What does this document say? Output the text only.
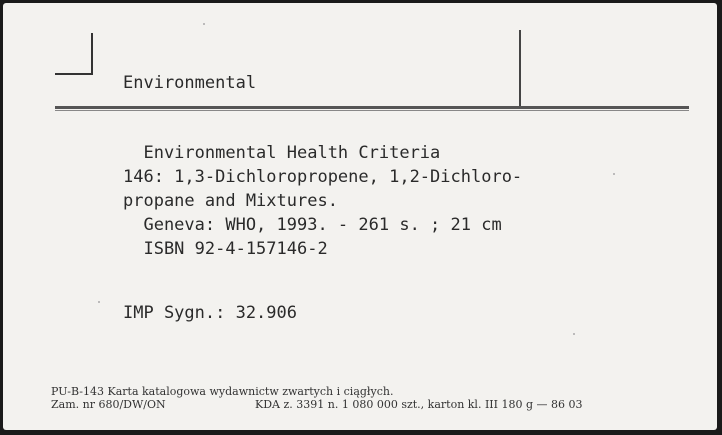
Environmental
Environmental Health Criteria
146: 1,3-Dichloropropene, 1,2-Dichloro-
propane and Mixtures.
Geneva: WHO, 1993. - 261 s. ; 21 cm
ISBN 92-4-157146-2
IMP Sygn.: 32.906
PU-B-143 Karta katalogowa wydawnictw zwartych i ciągłych.
Zam. nr 680/DW/ON	KDA z. 3391 n. 1 080 000 szt., karton kl. III 180 g — 86 03
